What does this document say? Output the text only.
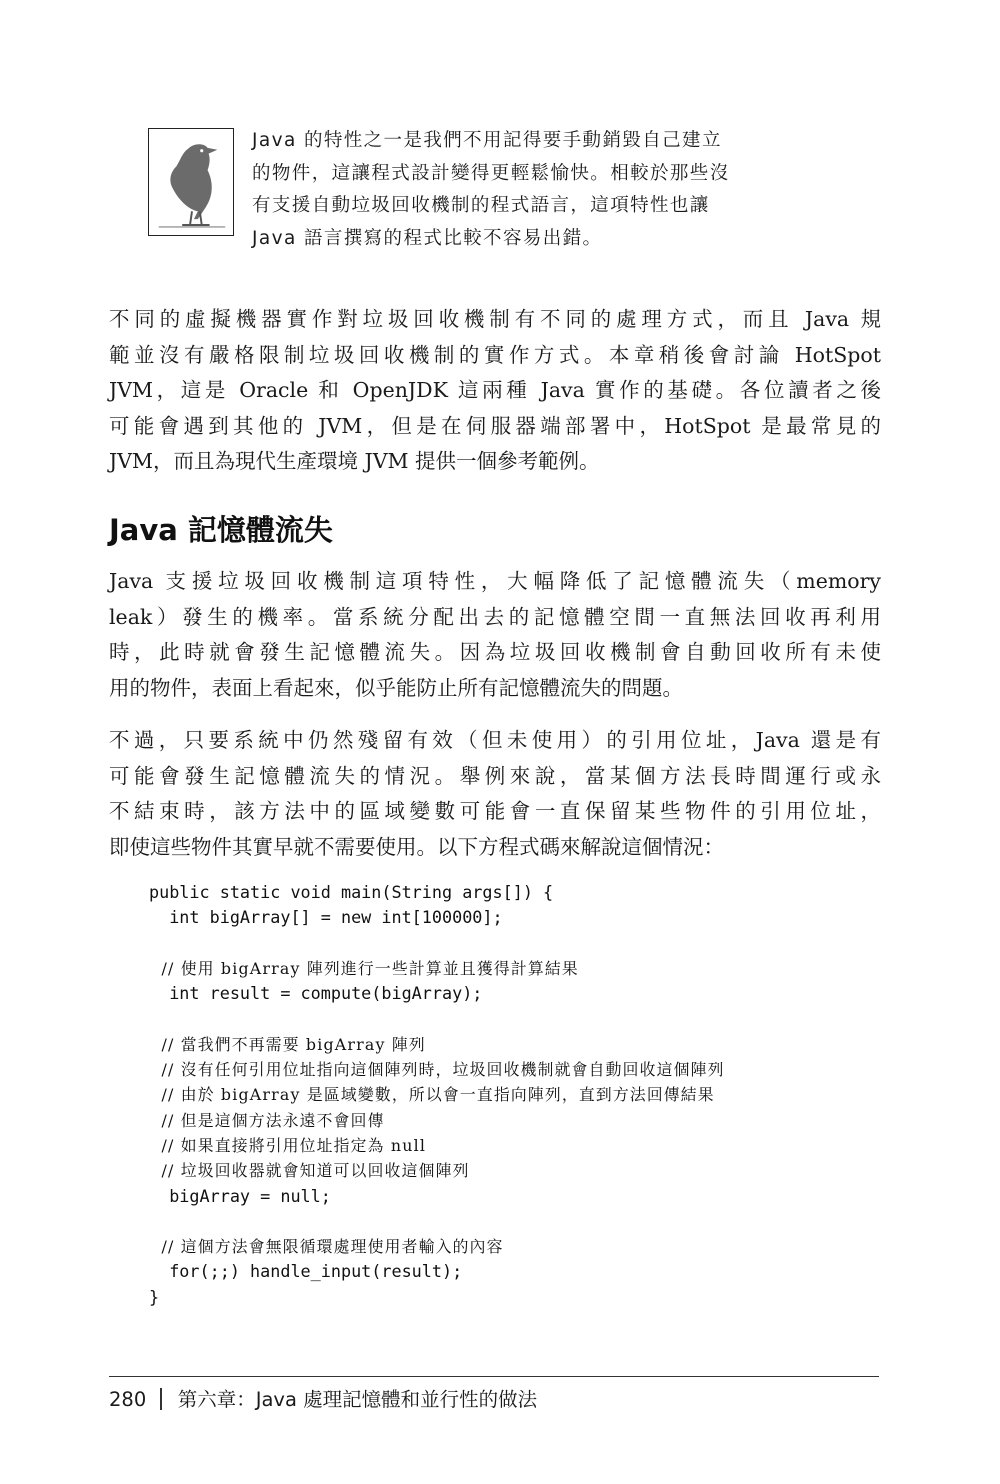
Java 的特性之一是我們不用記得要手動銷毀自己建立
的物件，這讓程式設計變得更輕鬆愉快。相較於那些沒
有支援自動垃圾回收機制的程式語言，這項特性也讓
Java 語言撰寫的程式比較不容易出錯。
不同的虛擬機器實作對垃圾回收機制有不同的處理方式，而且 Java 規
範並沒有嚴格限制垃圾回收機制的實作方式。本章稍後會討論 HotSpot
JVM，這是 Oracle 和 OpenJDK 這兩種 Java 實作的基礎。各位讀者之後
可能會遇到其他的 JVM，但是在伺服器端部署中，HotSpot 是最常見的
JVM，而且為現代生產環境 JVM 提供一個參考範例。
Java 記憶體流失
Java 支援垃圾回收機制這項特性，大幅降低了記憶體流失（memory
leak）發生的機率。當系統分配出去的記憶體空間一直無法回收再利用
時，此時就會發生記憶體流失。因為垃圾回收機制會自動回收所有未使
用的物件，表面上看起來，似乎能防止所有記憶體流失的問題。
不過，只要系統中仍然殘留有效（但未使用）的引用位址，Java 還是有
可能會發生記憶體流失的情況。舉例來說，當某個方法長時間運行或永
不結束時，該方法中的區域變數可能會一直保留某些物件的引用位址，
即使這些物件其實早就不需要使用。以下方程式碼來解說這個情況：
public static void main(String args[]) {
int bigArray[] = new int[100000];
// 使用 bigArray 陣列進行一些計算並且獲得計算結果
int result = compute(bigArray);
// 當我們不再需要 bigArray 陣列
// 沒有任何引用位址指向這個陣列時，垃圾回收機制就會自動回收這個陣列
// 由於 bigArray 是區域變數，所以會一直指向陣列，直到方法回傳結果
// 但是這個方法永遠不會回傳
// 如果直接將引用位址指定為 null
// 垃圾回收器就會知道可以回收這個陣列
bigArray = null;
// 這個方法會無限循環處理使用者輸入的內容
for(;;) handle_input(result);
}
280 第六章：Java 處理記憶體和並行性的做法
